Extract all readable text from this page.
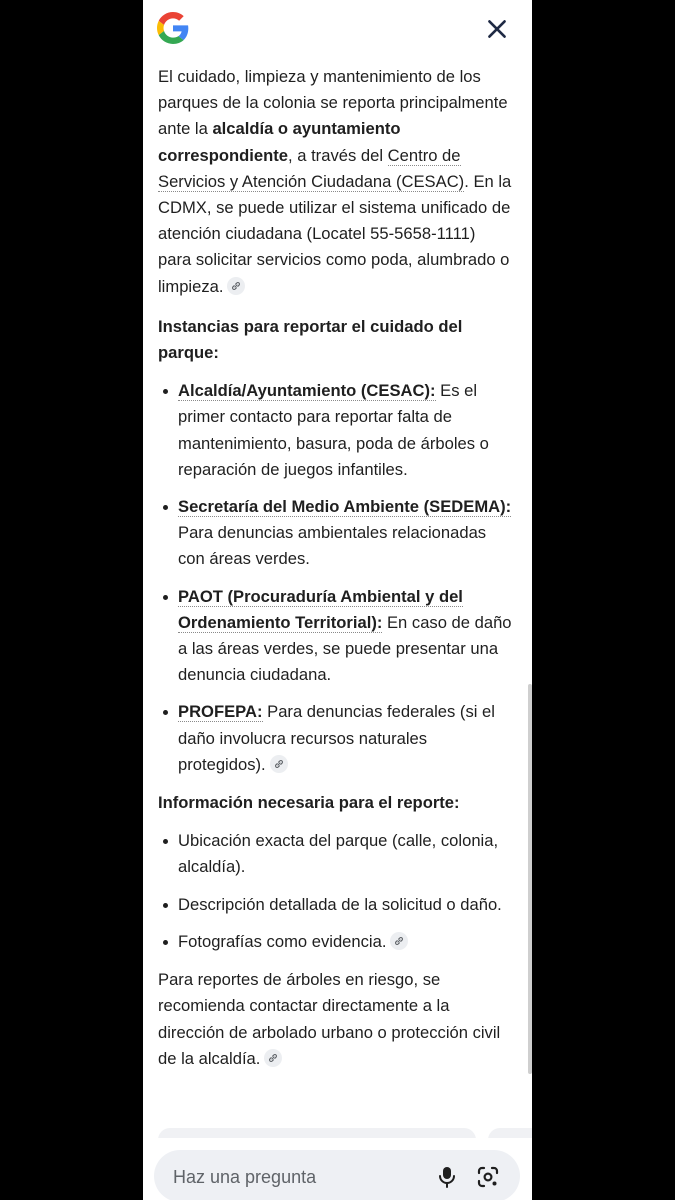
El cuidado, limpieza y mantenimiento de los parques de la colonia se reporta principalmente ante la alcaldía o ayuntamiento correspondiente, a través del Centro de Servicios y Atención Ciudadana (CESAC). En la CDMX, se puede utilizar el sistema unificado de atención ciudadana (Locatel 55-5658-1111) para solicitar servicios como poda, alumbrado o limpieza.

Instancias para reportar el cuidado del parque:

Alcaldía/Ayuntamiento (CESAC): Es el primer contacto para reportar falta de mantenimiento, basura, poda de árboles o reparación de juegos infantiles.
Secretaría del Medio Ambiente (SEDEMA): Para denuncias ambientales relacionadas con áreas verdes.
PAOT (Procuraduría Ambiental y del Ordenamiento Territorial): En caso de daño a las áreas verdes, se puede presentar una denuncia ciudadana.
PROFEPA: Para denuncias federales (si el daño involucra recursos naturales protegidos).

Información necesaria para el reporte:

Ubicación exacta del parque (calle, colonia, alcaldía).
Descripción detallada de la solicitud o daño.
Fotografías como evidencia.

Para reportes de árboles en riesgo, se recomienda contactar directamente a la dirección de arbolado urbano o protección civil de la alcaldía.

Haz una pregunta
